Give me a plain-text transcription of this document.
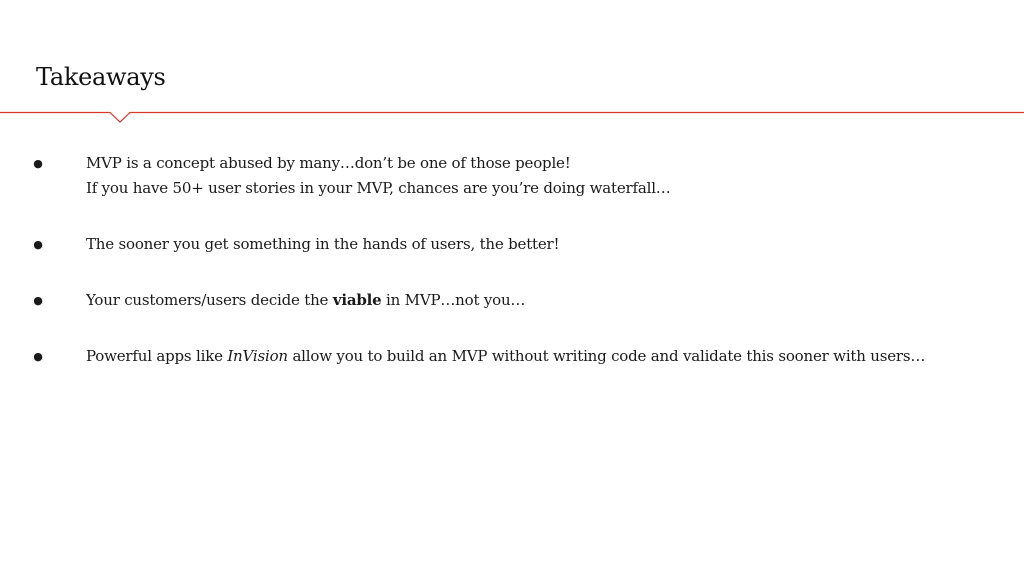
Takeaways
●	MVP is a concept abused by many…don’t be one of those people!
If you have 50+ user stories in your MVP, chances are you’re doing waterfall…
●	The sooner you get something in the hands of users, the better!
●	Your customers/users decide the viable in MVP…not you…
●	Powerful apps like InVision allow you to build an MVP without writing code and validate this sooner with users…
